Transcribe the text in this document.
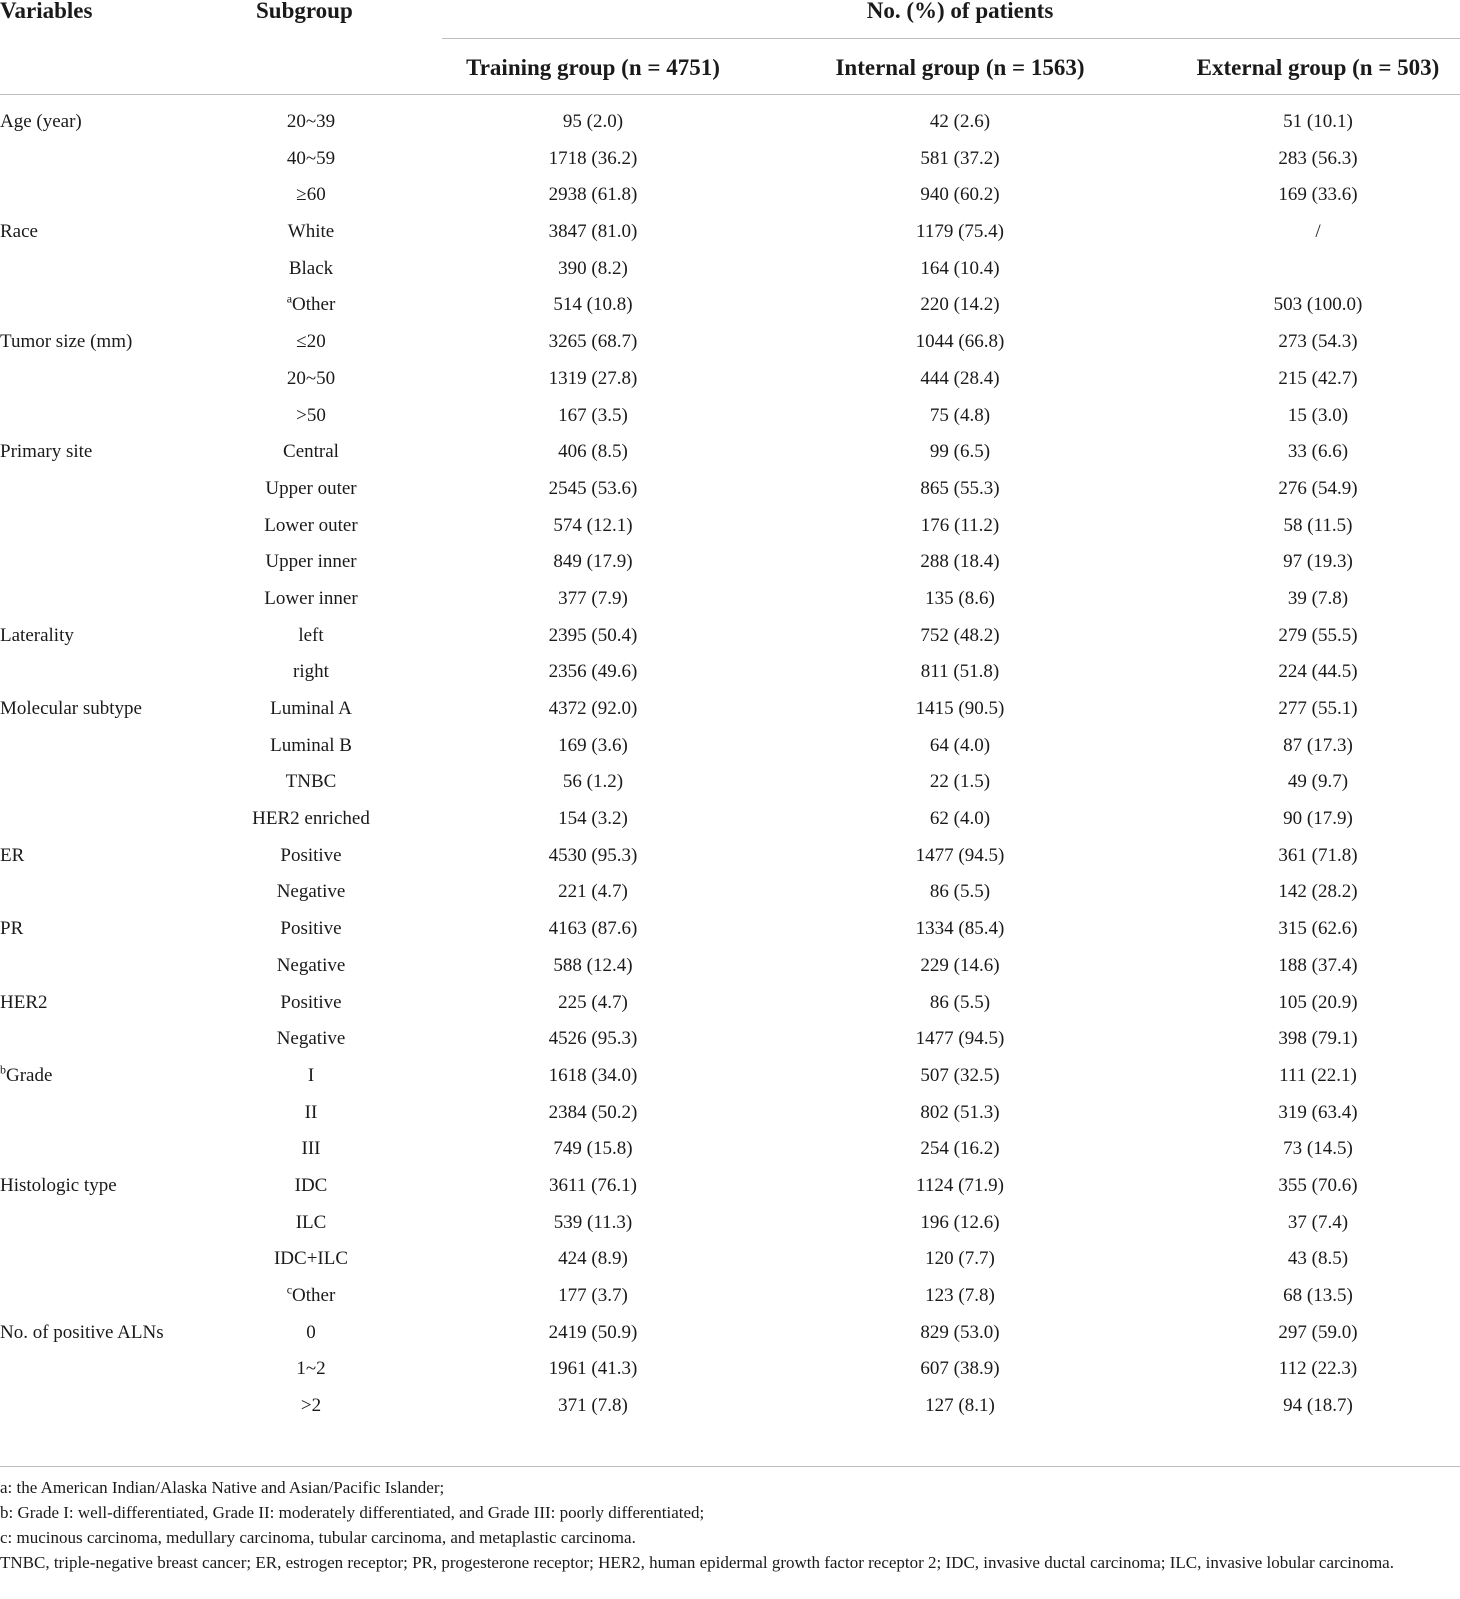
Variables	Subgroup	No. (%) of patients
Training group (n = 4751)	Internal group (n = 1563)	External group (n = 503)
Age (year)	20~39	95 (2.0)	42 (2.6)	51 (10.1)
40~59	1718 (36.2)	581 (37.2)	283 (56.3)
≥60	2938 (61.8)	940 (60.2)	169 (33.6)
Race	White	3847 (81.0)	1179 (75.4)	/
Black	390 (8.2)	164 (10.4)
$^a$Other	514 (10.8)	220 (14.2)	503 (100.0)
Tumor size (mm)	≤20	3265 (68.7)	1044 (66.8)	273 (54.3)
20~50	1319 (27.8)	444 (28.4)	215 (42.7)
>50	167 (3.5)	75 (4.8)	15 (3.0)
Primary site	Central	406 (8.5)	99 (6.5)	33 (6.6)
Upper outer	2545 (53.6)	865 (55.3)	276 (54.9)
Lower outer	574 (12.1)	176 (11.2)	58 (11.5)
Upper inner	849 (17.9)	288 (18.4)	97 (19.3)
Lower inner	377 (7.9)	135 (8.6)	39 (7.8)
Laterality	left	2395 (50.4)	752 (48.2)	279 (55.5)
right	2356 (49.6)	811 (51.8)	224 (44.5)
Molecular subtype	Luminal A	4372 (92.0)	1415 (90.5)	277 (55.1)
Luminal B	169 (3.6)	64 (4.0)	87 (17.3)
TNBC	56 (1.2)	22 (1.5)	49 (9.7)
HER2 enriched	154 (3.2)	62 (4.0)	90 (17.9)
ER	Positive	4530 (95.3)	1477 (94.5)	361 (71.8)
Negative	221 (4.7)	86 (5.5)	142 (28.2)
PR	Positive	4163 (87.6)	1334 (85.4)	315 (62.6)
Negative	588 (12.4)	229 (14.6)	188 (37.4)
HER2	Positive	225 (4.7)	86 (5.5)	105 (20.9)
Negative	4526 (95.3)	1477 (94.5)	398 (79.1)
$^b$Grade	I	1618 (34.0)	507 (32.5)	111 (22.1)
II	2384 (50.2)	802 (51.3)	319 (63.4)
III	749 (15.8)	254 (16.2)	73 (14.5)
Histologic type	IDC	3611 (76.1)	1124 (71.9)	355 (70.6)
ILC	539 (11.3)	196 (12.6)	37 (7.4)
IDC+ILC	424 (8.9)	120 (7.7)	43 (8.5)
$^c$Other	177 (3.7)	123 (7.8)	68 (13.5)
No. of positive ALNs	0	2419 (50.9)	829 (53.0)	297 (59.0)
1~2	1961 (41.3)	607 (38.9)	112 (22.3)
>2	371 (7.8)	127 (8.1)	94 (18.7)
a: the American Indian/Alaska Native and Asian/Pacific Islander;
b: Grade I: well-differentiated, Grade II: moderately differentiated, and Grade III: poorly differentiated;
c: mucinous carcinoma, medullary carcinoma, tubular carcinoma, and metaplastic carcinoma.
TNBC, triple-negative breast cancer; ER, estrogen receptor; PR, progesterone receptor; HER2, human epidermal growth factor receptor 2; IDC, invasive ductal carcinoma; ILC, invasive lobular carcinoma.
